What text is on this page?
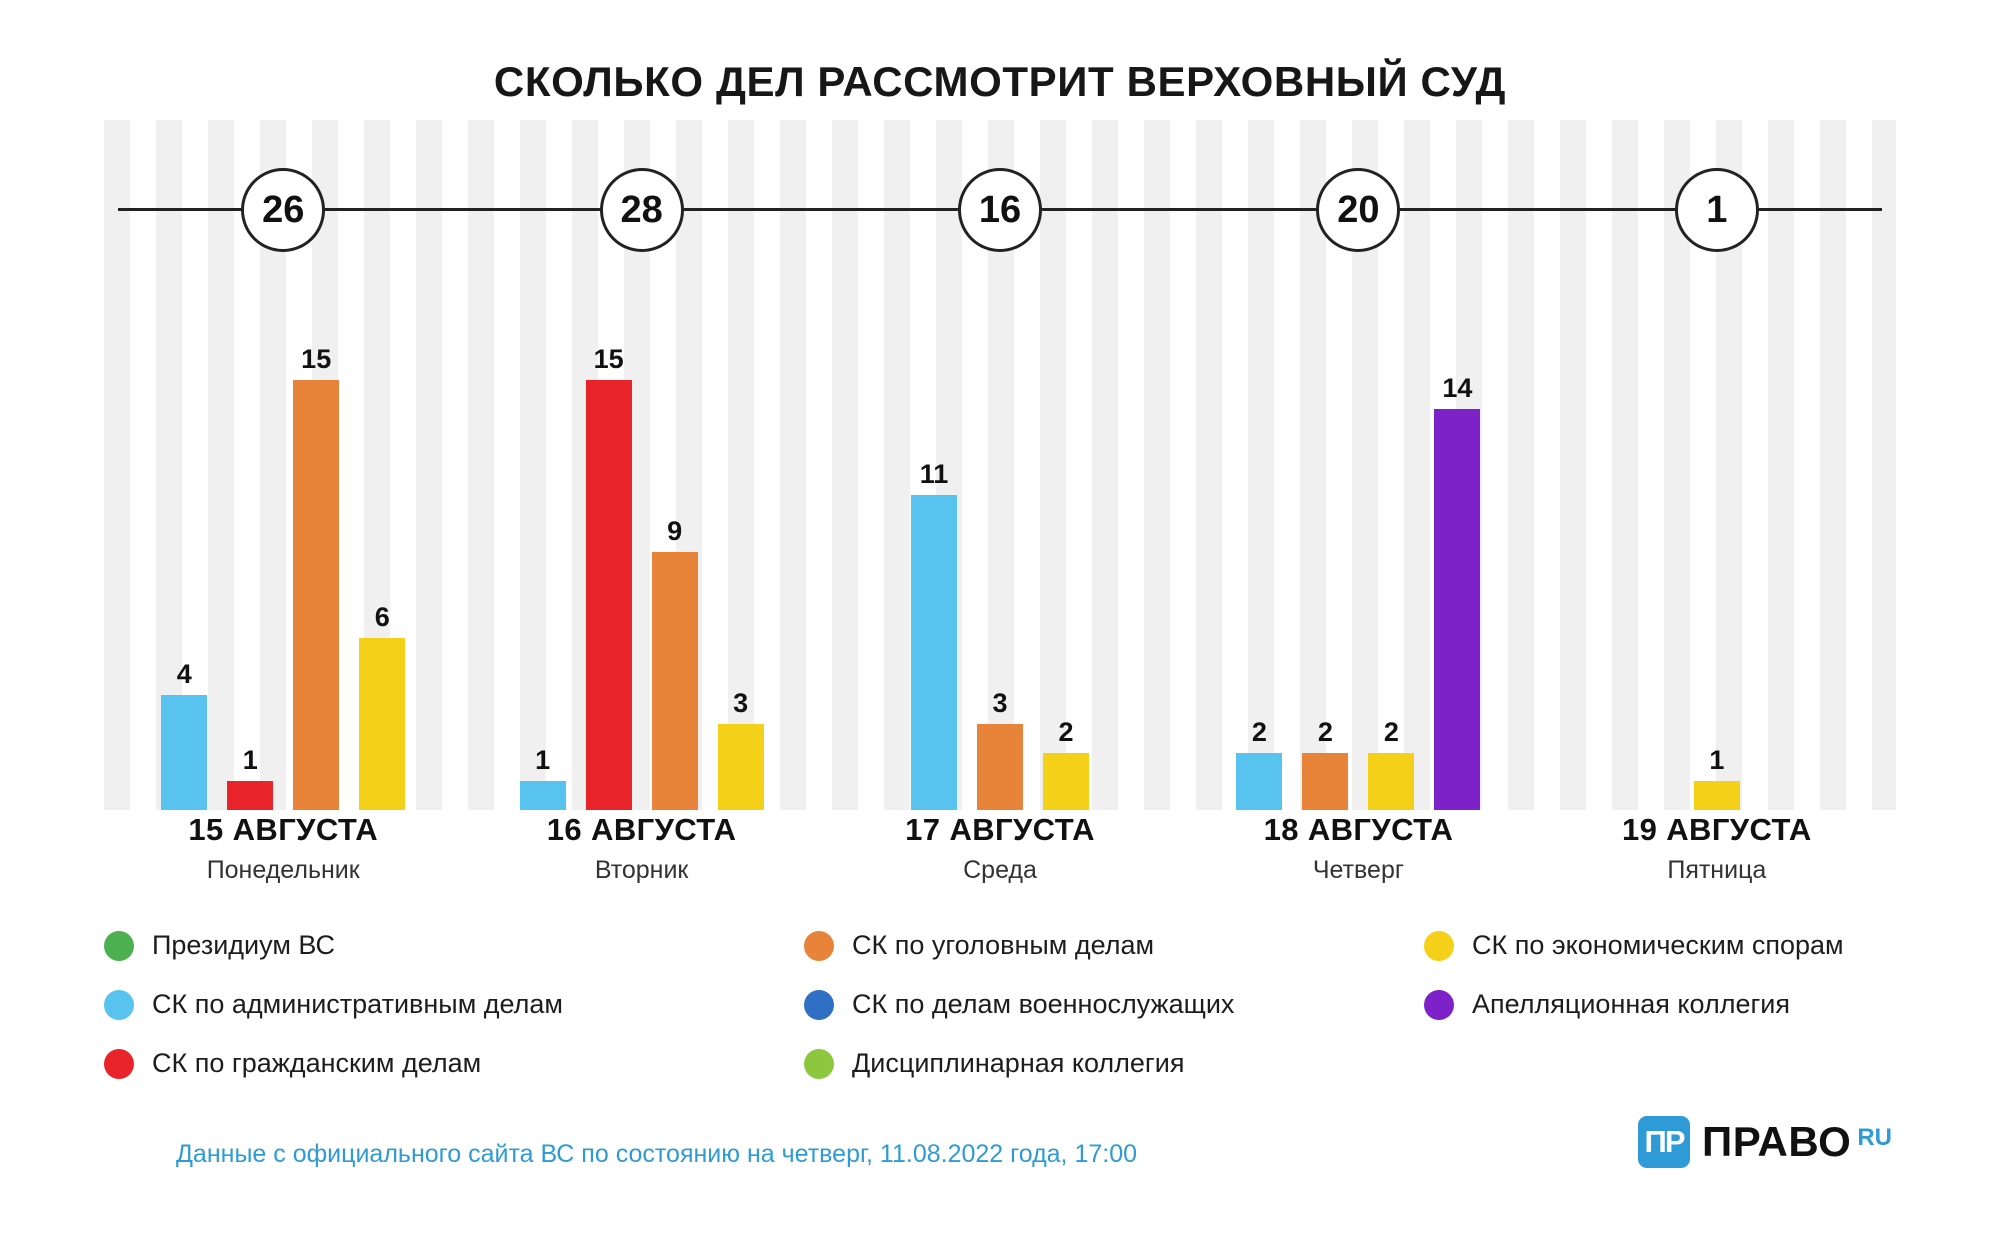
СКОЛЬКО ДЕЛ РАССМОТРИТ ВЕРХОВНЫЙ СУД
26	28	16	20	1
4
1
15
6
1
15
9
3
11
3
2	2 2 2
14
1
15 АВГУСТА
Понедельник
16 АВГУСТА
Вторник
17 АВГУСТА
Среда
18 АВГУСТА
Четверг
19 АВГУСТА
Пятница
Президиум ВС	СК по уголовным делам	СК по экономическим спорам
СК по административным делам	СК по делам военнослужащих	Апелляционная коллегия
СК по гражданским делам	Дисциплинарная коллегия
Данные с официального сайта ВС по состоянию на четверг, 11.08.2022 года, 17:00	ПР ПРАВО RU
